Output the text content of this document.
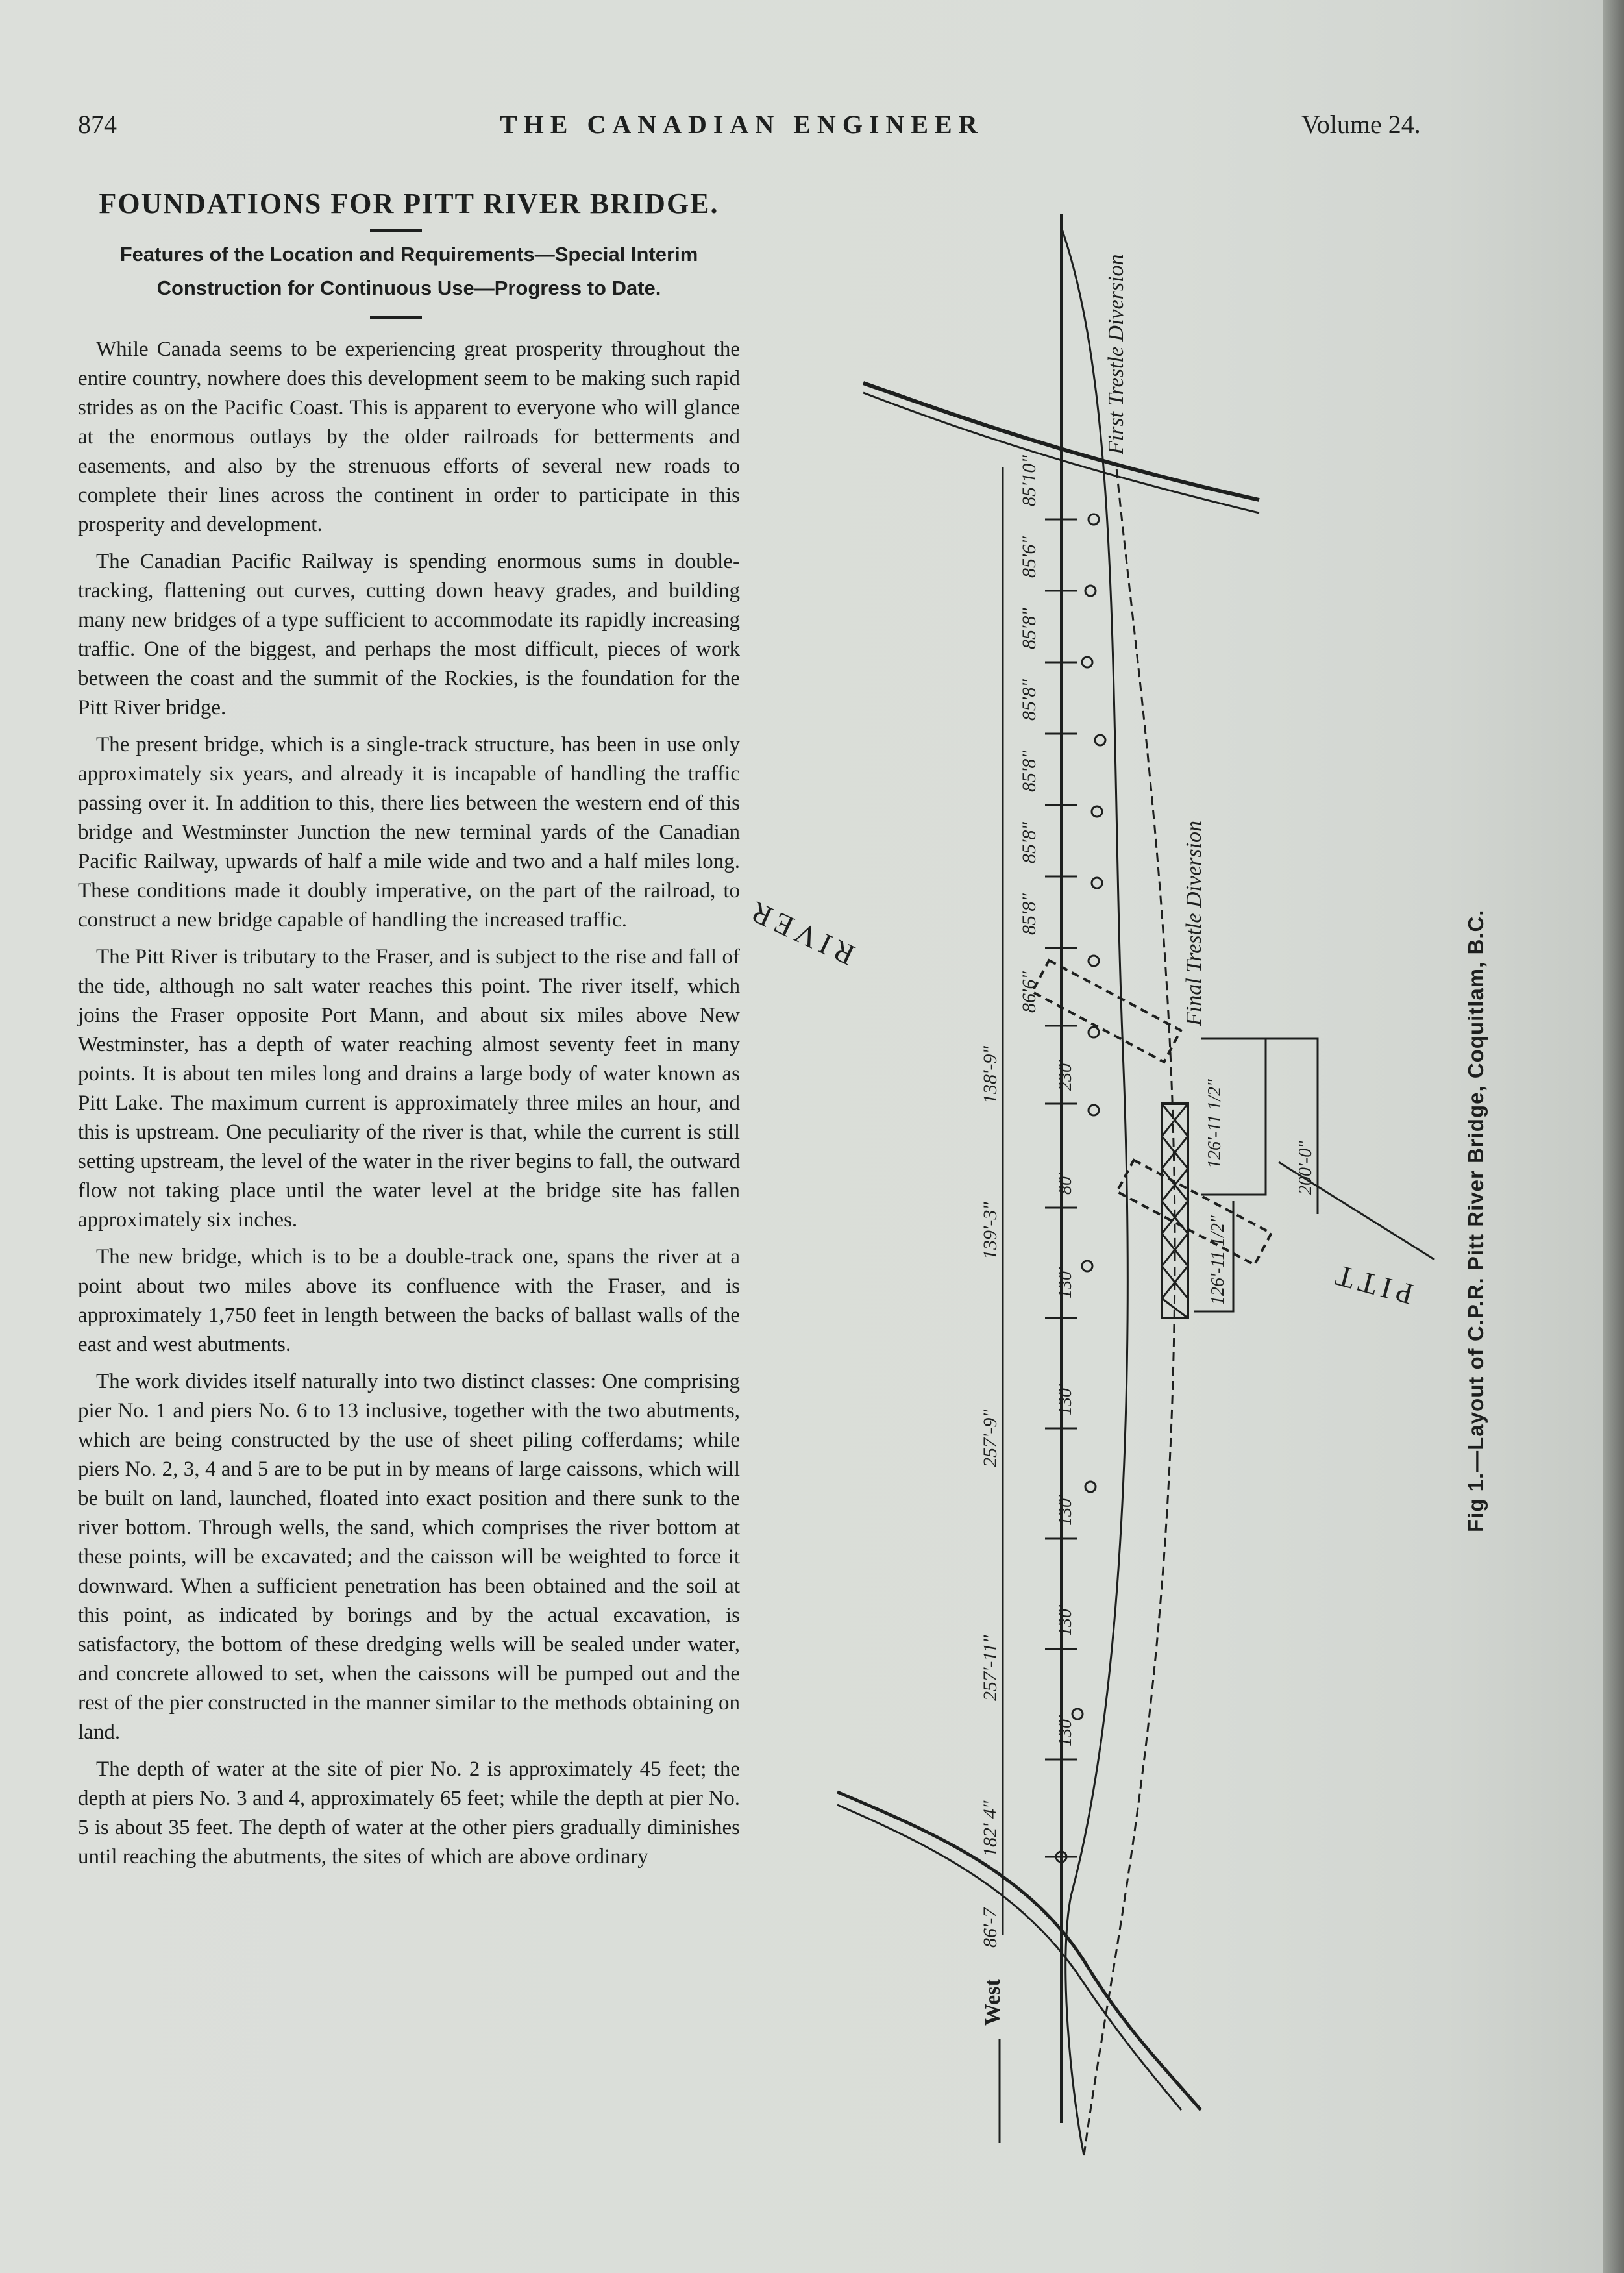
874	THE CANADIAN ENGINEER	Volume 24.
FOUNDATIONS FOR PITT RIVER BRIDGE.
Features of the Location and Requirements—Special Interim
Construction for Continuous Use—Progress to Date.

While Canada seems to be experiencing great prosperity throughout the entire country, nowhere does this development seem to be making such rapid strides as on the Pacific Coast. This is apparent to everyone who will glance at the enormous outlays by the older railroads for betterments and easements, and also by the strenuous efforts of several new roads to complete their lines across the continent in order to participate in this prosperity and development.

The Canadian Pacific Railway is spending enormous sums in double-tracking, flattening out curves, cutting down heavy grades, and building many new bridges of a type sufficient to accommodate its rapidly increasing traffic. One of the biggest, and perhaps the most difficult, pieces of work between the coast and the summit of the Rockies, is the foundation for the Pitt River bridge.

The present bridge, which is a single-track structure, has been in use only approximately six years, and already it is incapable of handling the traffic passing over it. In addition to this, there lies between the western end of this bridge and Westminster Junction the new terminal yards of the Canadian Pacific Railway, upwards of half a mile wide and two and a half miles long. These conditions made it doubly imperative, on the part of the railroad, to construct a new bridge capable of handling the increased traffic.

The Pitt River is tributary to the Fraser, and is subject to the rise and fall of the tide, although no salt water reaches this point. The river itself, which joins the Fraser opposite Port Mann, and about six miles above New Westminster, has a depth of water reaching almost seventy feet in many points. It is about ten miles long and drains a large body of water known as Pitt Lake. The maximum current is approximately three miles an hour, and this is upstream. One peculiarity of the river is that, while the current is still setting upstream, the level of the water in the river begins to fall, the outward flow not taking place until the water level at the bridge site has fallen approximately six inches.

The new bridge, which is to be a double-track one, spans the river at a point about two miles above its confluence with the Fraser, and is approximately 1,750 feet in length between the backs of ballast walls of the east and west abutments.

The work divides itself naturally into two distinct classes: One comprising pier No. 1 and piers No. 6 to 13 inclusive, together with the two abutments, which are being constructed by the use of sheet piling cofferdams; while piers No. 2, 3, 4 and 5 are to be put in by means of large caissons, which will be built on land, launched, floated into exact position and there sunk to the river bottom. Through wells, the sand, which comprises the river bottom at these points, will be excavated; and the caisson will be weighted to force it downward. When a sufficient penetration has been obtained and the soil at this point, as indicated by borings and by the actual excavation, is satisfactory, the bottom of these dredging wells will be sealed under water, and concrete allowed to set, when the caissons will be pumped out and the rest of the pier constructed in the manner similar to the methods obtaining on land.

The depth of water at the site of pier No. 2 is approximately 45 feet; the depth at piers No. 3 and 4, approximately 65 feet; while the depth at pier No. 5 is about 35 feet. The depth of water at the other piers gradually diminishes until reaching the abutments, the sites of which are above ordinary

First Trestle Diversion
Final Trestle Diversion
RIVER
PITT
West
85'10"
85'6"
85'8"
85'8"
85'8"
85'8"
85'8"
86'6"
138'-9"
139'-3"
257'-9"
257'-11"
182' 4"
86'-7
230'
80'
130'
130'
130'
130'
130'
126'-11 1/2"
126'-11 1/2"
200'-0"	Fig 1.—Layout of C.P.R. Pitt River Bridge, Coquitlam, B.C.
